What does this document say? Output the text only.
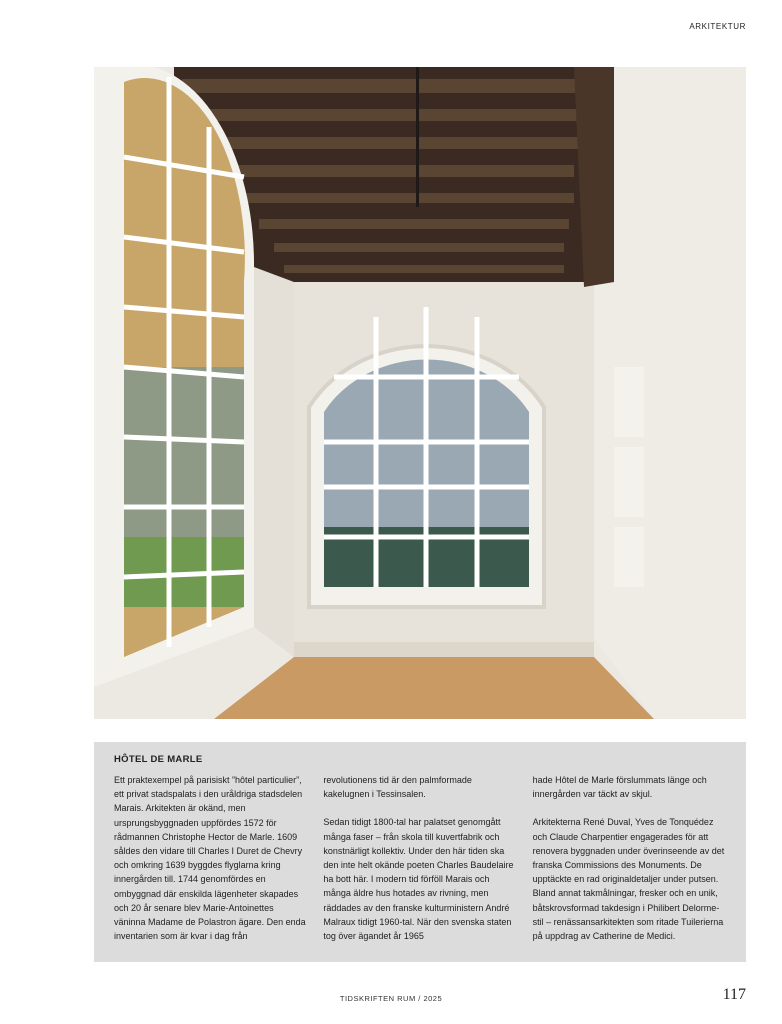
ARKITEKTUR
HÔTEL DE MARLE

Ett praktexempel på parisiskt ”hôtel particulier”, ett privat stadspalats i den uråldriga stadsdelen Marais. Arkitekten är okänd, men ursprungsbyggnaden uppfördes 1572 för rådmannen Christophe Hector de Marle. 1609 såldes den vidare till Charles I Duret de Chevry och omkring 1639 byggdes flyglarna kring innergården till. 1744 genomfördes en ombyggnad där enskilda lägenheter skapades och 20 år senare blev Marie-Antoinettes väninna Madame de Polastron ägare. Den enda inventarien som är kvar i dag från

revolutionens tid är den palmformade kakelugnen i Tessinsalen.

Sedan tidigt 1800-tal har palatset genomgått många faser – från skola till kuvertfabrik och konstnärligt kollektiv. Under den här tiden ska den inte helt okände poeten Charles Baudelaire ha bott här. I modern tid förföll Marais och många äldre hus hotades av rivning, men räddades av den franske kulturministern André Malraux tidigt 1960-tal. När den svenska staten tog över ägandet år 1965

hade Hôtel de Marle förslummats länge och innergården var täckt av skjul.

Arkitekterna René Duval, Yves de Tonquédez och Claude Charpentier engagerades för att renovera byggnaden under överinseende av det franska Commissions des Monuments. De upptäckte en rad originaldetaljer under putsen. Bland annat takmålningar, fresker och en unik, båtskrovsformad takdesign i Philibert Delorme-stil – renässansarkitekten som ritade Tuilerierna på uppdrag av Catherine de Medici.

TIDSKRIFTEN RUM / 2025	117
